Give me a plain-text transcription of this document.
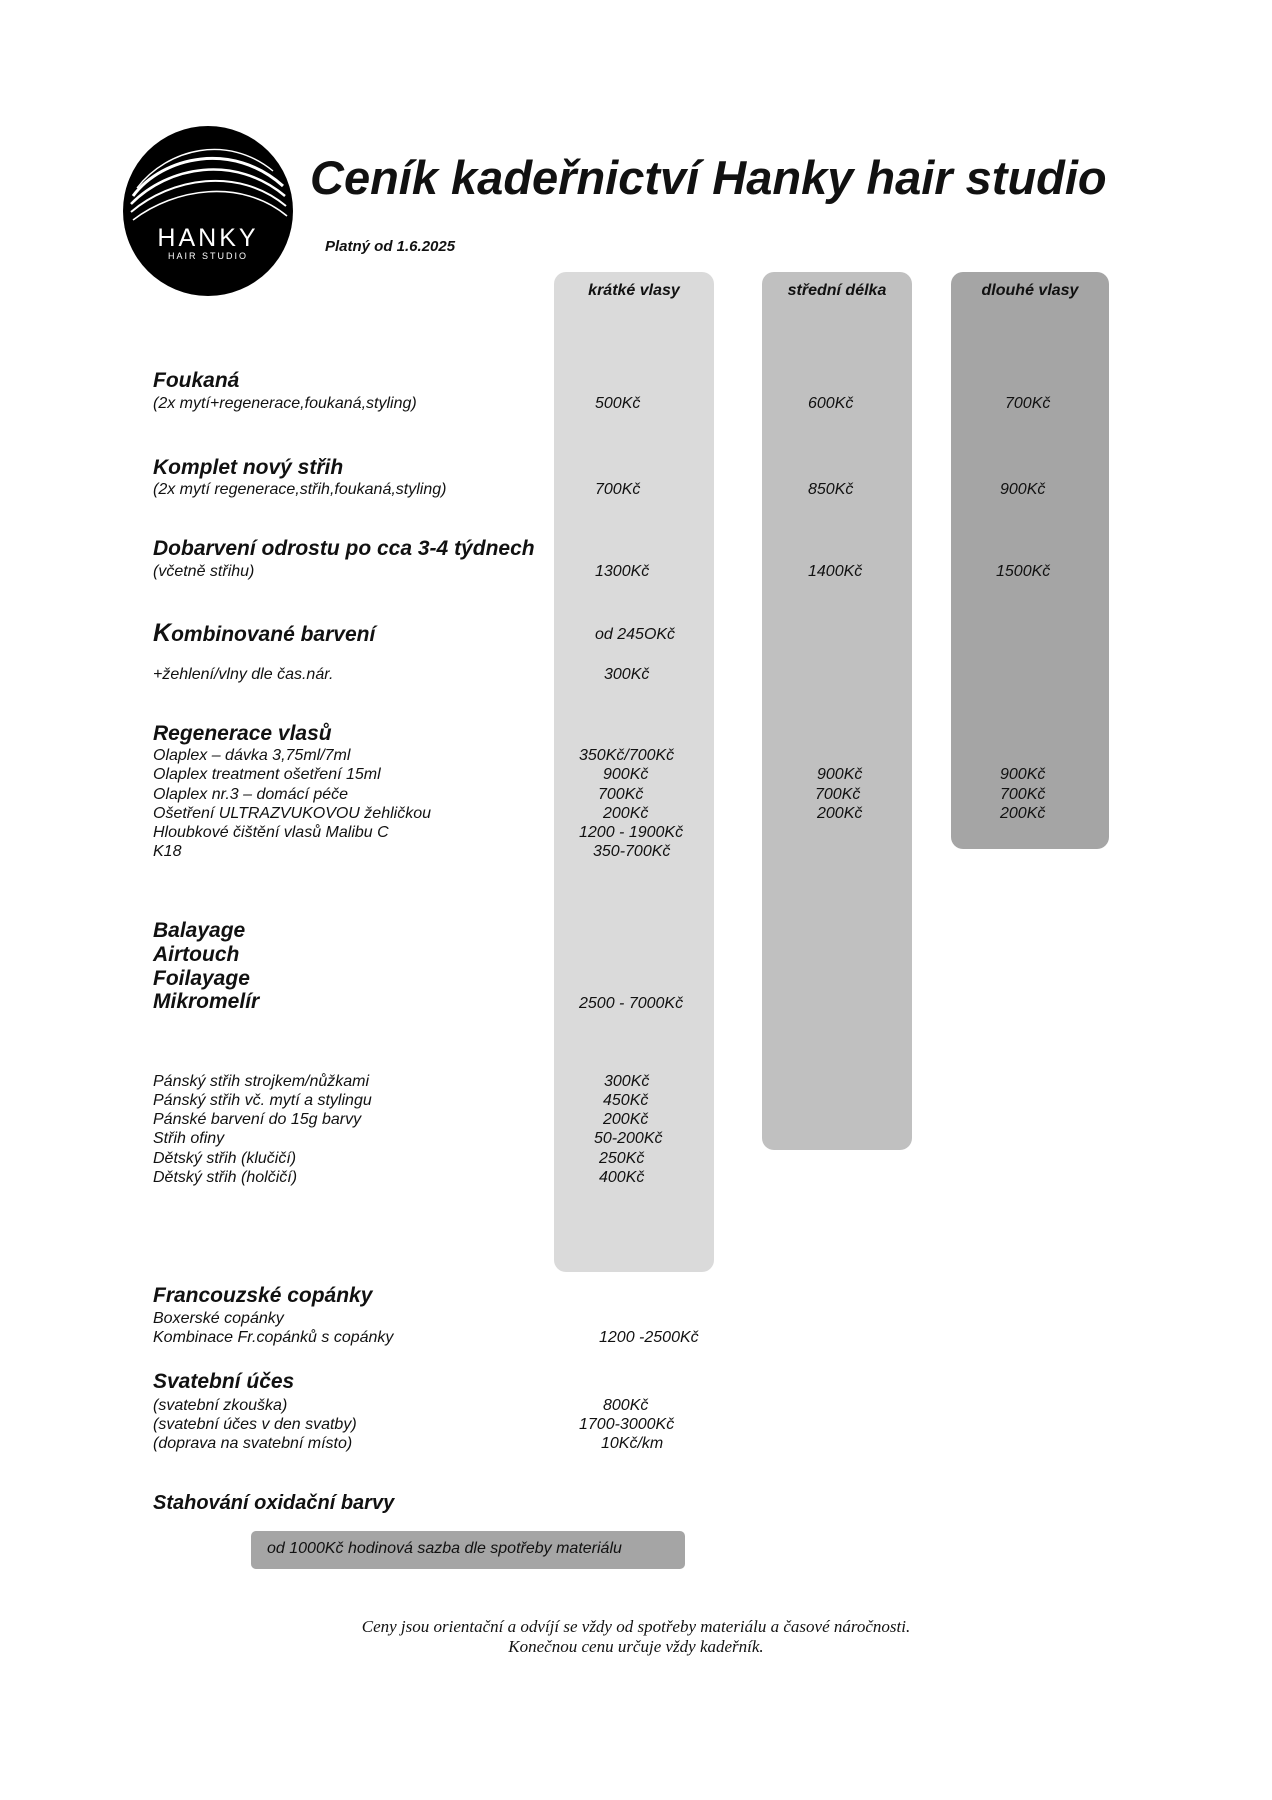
HANKY
HAIR STUDIO
Ceník kadeřnictví Hanky hair studio
Platný od 1.6.2025
krátké vlasy	střední délka	dlouhé vlasy
Foukaná
(2x mytí+regenerace,foukaná,styling)	500Kč	600Kč	700Kč
Komplet nový střih
(2x mytí regenerace,střih,foukaná,styling)	700Kč	850Kč	900Kč
Dobarvení odrostu po cca 3-4 týdnech
(včetně střihu)	1300Kč	1400Kč	1500Kč
Kombinované barvení	od 245OKč
+žehlení/vlny dle čas.nár.	300Kč
Regenerace vlasů
Olaplex – dávka 3,75ml/7ml	350Kč/700Kč
Olaplex treatment ošetření 15ml	900Kč	900Kč	900Kč
Olaplex nr.3 – domácí péče	700Kč	700Kč	700Kč
Ošetření ULTRAZVUKOVOU žehličkou	200Kč	200Kč	200Kč
Hloubkové čištění vlasů Malibu C	1200 - 1900Kč
K18	350-700Kč
Balayage
Airtouch
Foilayage
Mikromelír	2500 - 7000Kč
Pánský střih strojkem/nůžkami	300Kč
Pánský střih vč. mytí a stylingu	450Kč
Pánské barvení do 15g barvy	200Kč
Střih ofiny	50-200Kč
Dětský střih (klučičí)	250Kč
Dětský střih (holčičí)	400Kč
Francouzské copánky
Boxerské copánky
Kombinace Fr.copánků s copánky	1200 -2500Kč
Svatební účes
(svatební zkouška)	800Kč
(svatební účes v den svatby)	1700-3000Kč
(doprava na svatební místo)	10Kč/km
Stahování oxidační barvy
od 1000Kč hodinová sazba dle spotřeby materiálu
Ceny jsou orientační a odvíjí se vždy od spotřeby materiálu a časové náročnosti.
Konečnou cenu určuje vždy kadeřník.
